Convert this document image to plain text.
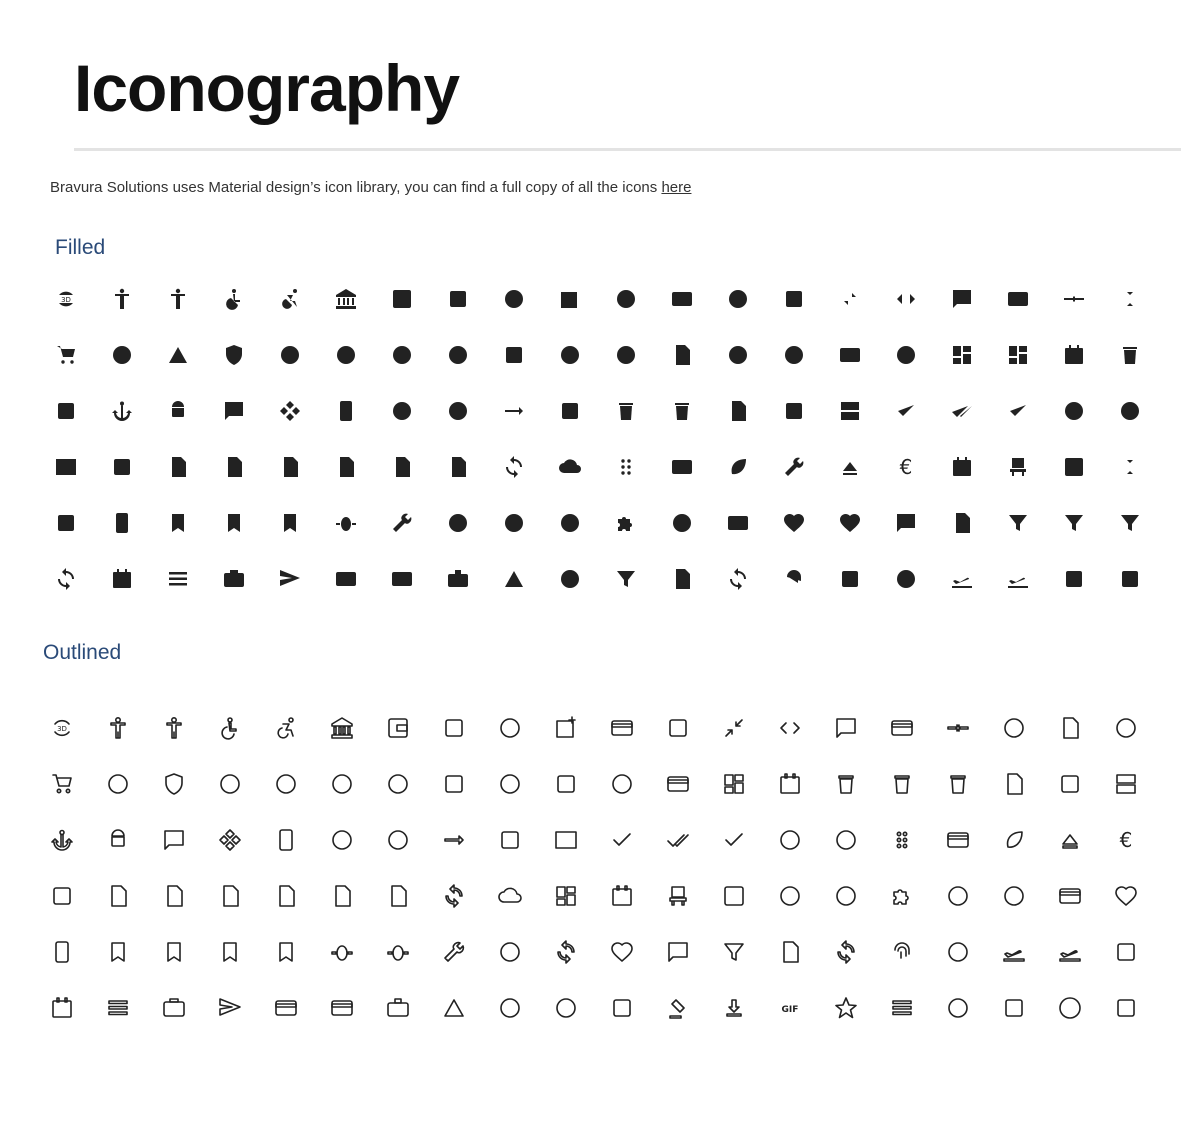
Iconography

Bravura Solutions uses Material design’s icon library, you can find a full copy of all the icons here

Filled
3D
€
Outlined
3D
€
GIF
